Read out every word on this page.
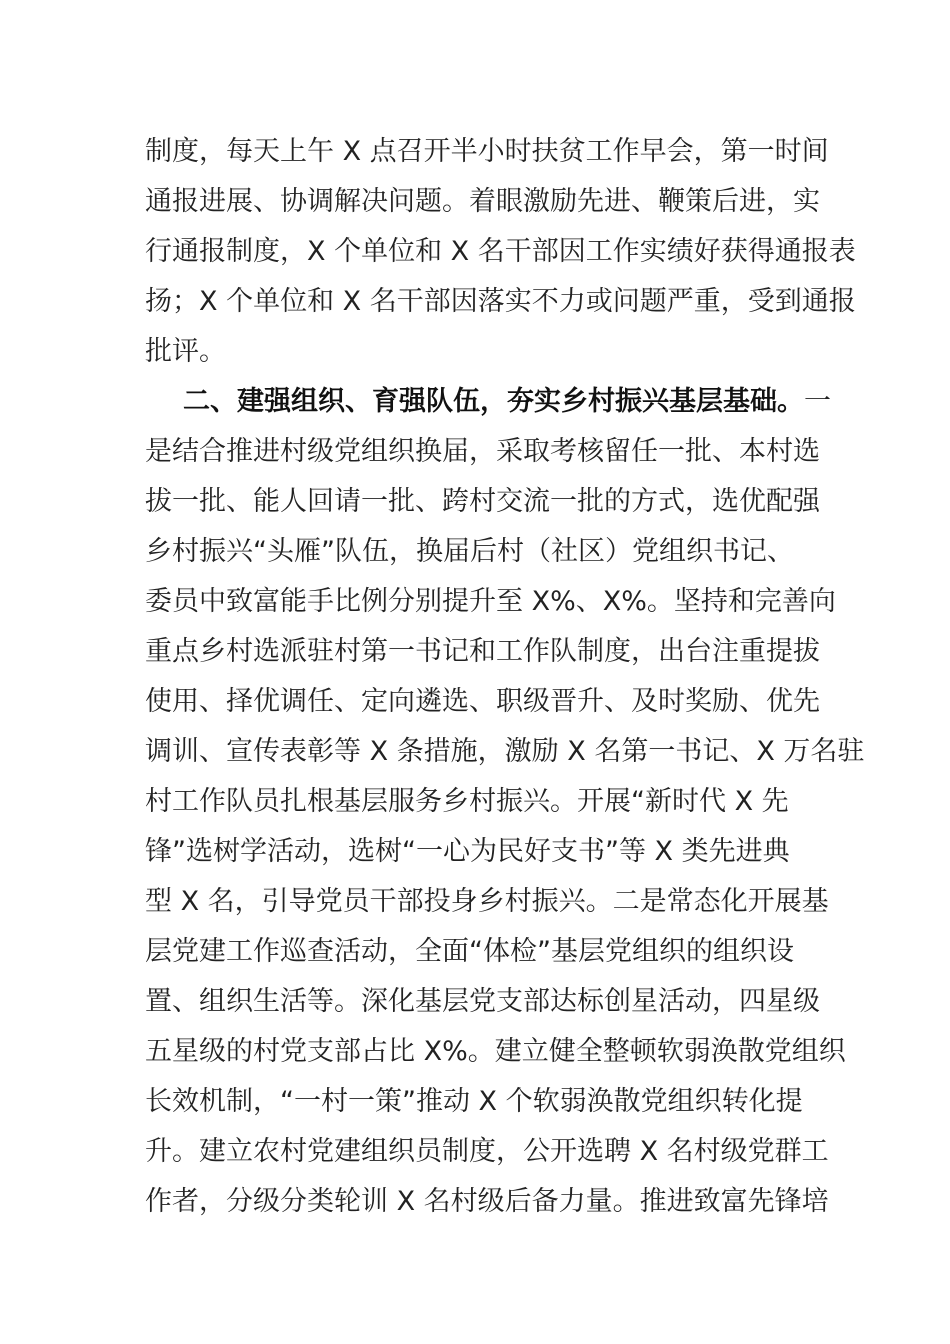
制度，每天上午 X 点召开半小时扶贫工作早会，第一时间
通报进展、协调解决问题。着眼激励先进、鞭策后进，实
行通报制度，X 个单位和 X 名干部因工作实绩好获得通报表
扬；X 个单位和 X 名干部因落实不力或问题严重，受到通报
批评。
二、建强组织、育强队伍，夯实乡村振兴基层基础。一
是结合推进村级党组织换届，采取考核留任一批、本村选
拔一批、能人回请一批、跨村交流一批的方式，选优配强
乡村振兴“头雁”队伍，换届后村（社区）党组织书记、
委员中致富能手比例分别提升至 X%、X%。坚持和完善向
重点乡村选派驻村第一书记和工作队制度，出台注重提拔
使用、择优调任、定向遴选、职级晋升、及时奖励、优先
调训、宣传表彰等 X 条措施，激励 X 名第一书记、X 万名驻
村工作队员扎根基层服务乡村振兴。开展“新时代 X 先
锋”选树学活动，选树“一心为民好支书”等 X 类先进典
型 X 名，引导党员干部投身乡村振兴。二是常态化开展基
层党建工作巡查活动，全面“体检”基层党组织的组织设
置、组织生活等。深化基层党支部达标创星活动，四星级
五星级的村党支部占比 X%。建立健全整顿软弱涣散党组织
长效机制，“一村一策”推动 X 个软弱涣散党组织转化提
升。建立农村党建组织员制度，公开选聘 X 名村级党群工
作者，分级分类轮训 X 名村级后备力量。推进致富先锋培
